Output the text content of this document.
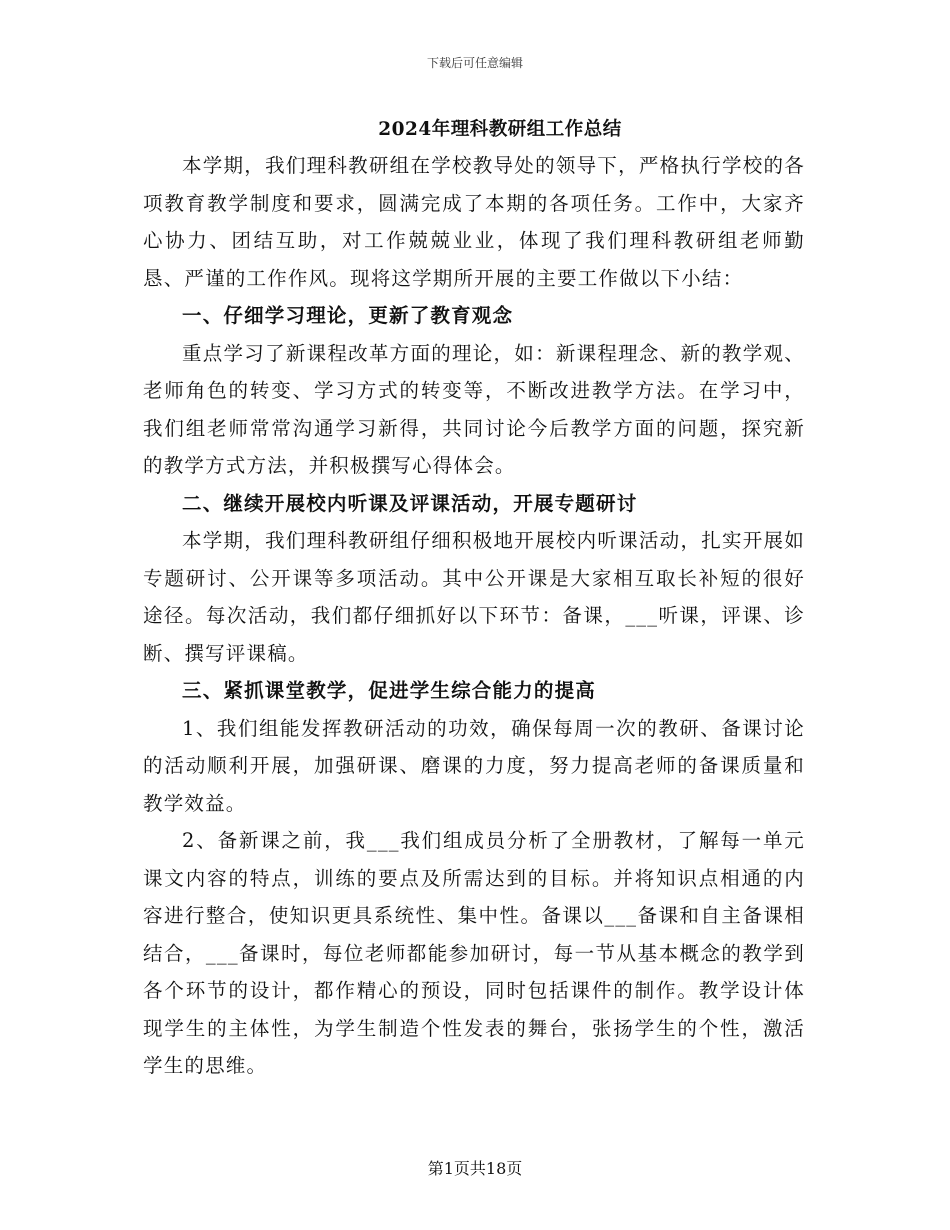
下载后可任意编辑
2024年理科教研组工作总结

本学期，我们理科教研组在学校教导处的领导下，严格执行学校的各项教育教学制度和要求，圆满完成了本期的各项任务。工作中，大家齐心协力、团结互助，对工作兢兢业业，体现了我们理科教研组老师勤恳、严谨的工作作风。现将这学期所开展的主要工作做以下小结：

一、仔细学习理论，更新了教育观念

重点学习了新课程改革方面的理论，如：新课程理念、新的教学观、老师角色的转变、学习方式的转变等，不断改进教学方法。在学习中，我们组老师常常沟通学习新得，共同讨论今后教学方面的问题，探究新的教学方式方法，并积极撰写心得体会。

二、继续开展校内听课及评课活动，开展专题研讨

本学期，我们理科教研组仔细积极地开展校内听课活动，扎实开展如专题研讨、公开课等多项活动。其中公开课是大家相互取长补短的很好途径。每次活动，我们都仔细抓好以下环节：备课，___听课，评课、诊断、撰写评课稿。

三、紧抓课堂教学，促进学生综合能力的提高

1、我们组能发挥教研活动的功效，确保每周一次的教研、备课讨论的活动顺利开展，加强研课、磨课的力度，努力提高老师的备课质量和教学效益。

2、备新课之前，我___我们组成员分析了全册教材，了解每一单元课文内容的特点，训练的要点及所需达到的目标。并将知识点相通的内容进行整合，使知识更具系统性、集中性。备课以___备课和自主备课相结合，___备课时，每位老师都能参加研讨，每一节从基本概念的教学到各个环节的设计，都作精心的预设，同时包括课件的制作。教学设计体现学生的主体性，为学生制造个性发表的舞台，张扬学生的个性，激活学生的思维。

第1页共18页
